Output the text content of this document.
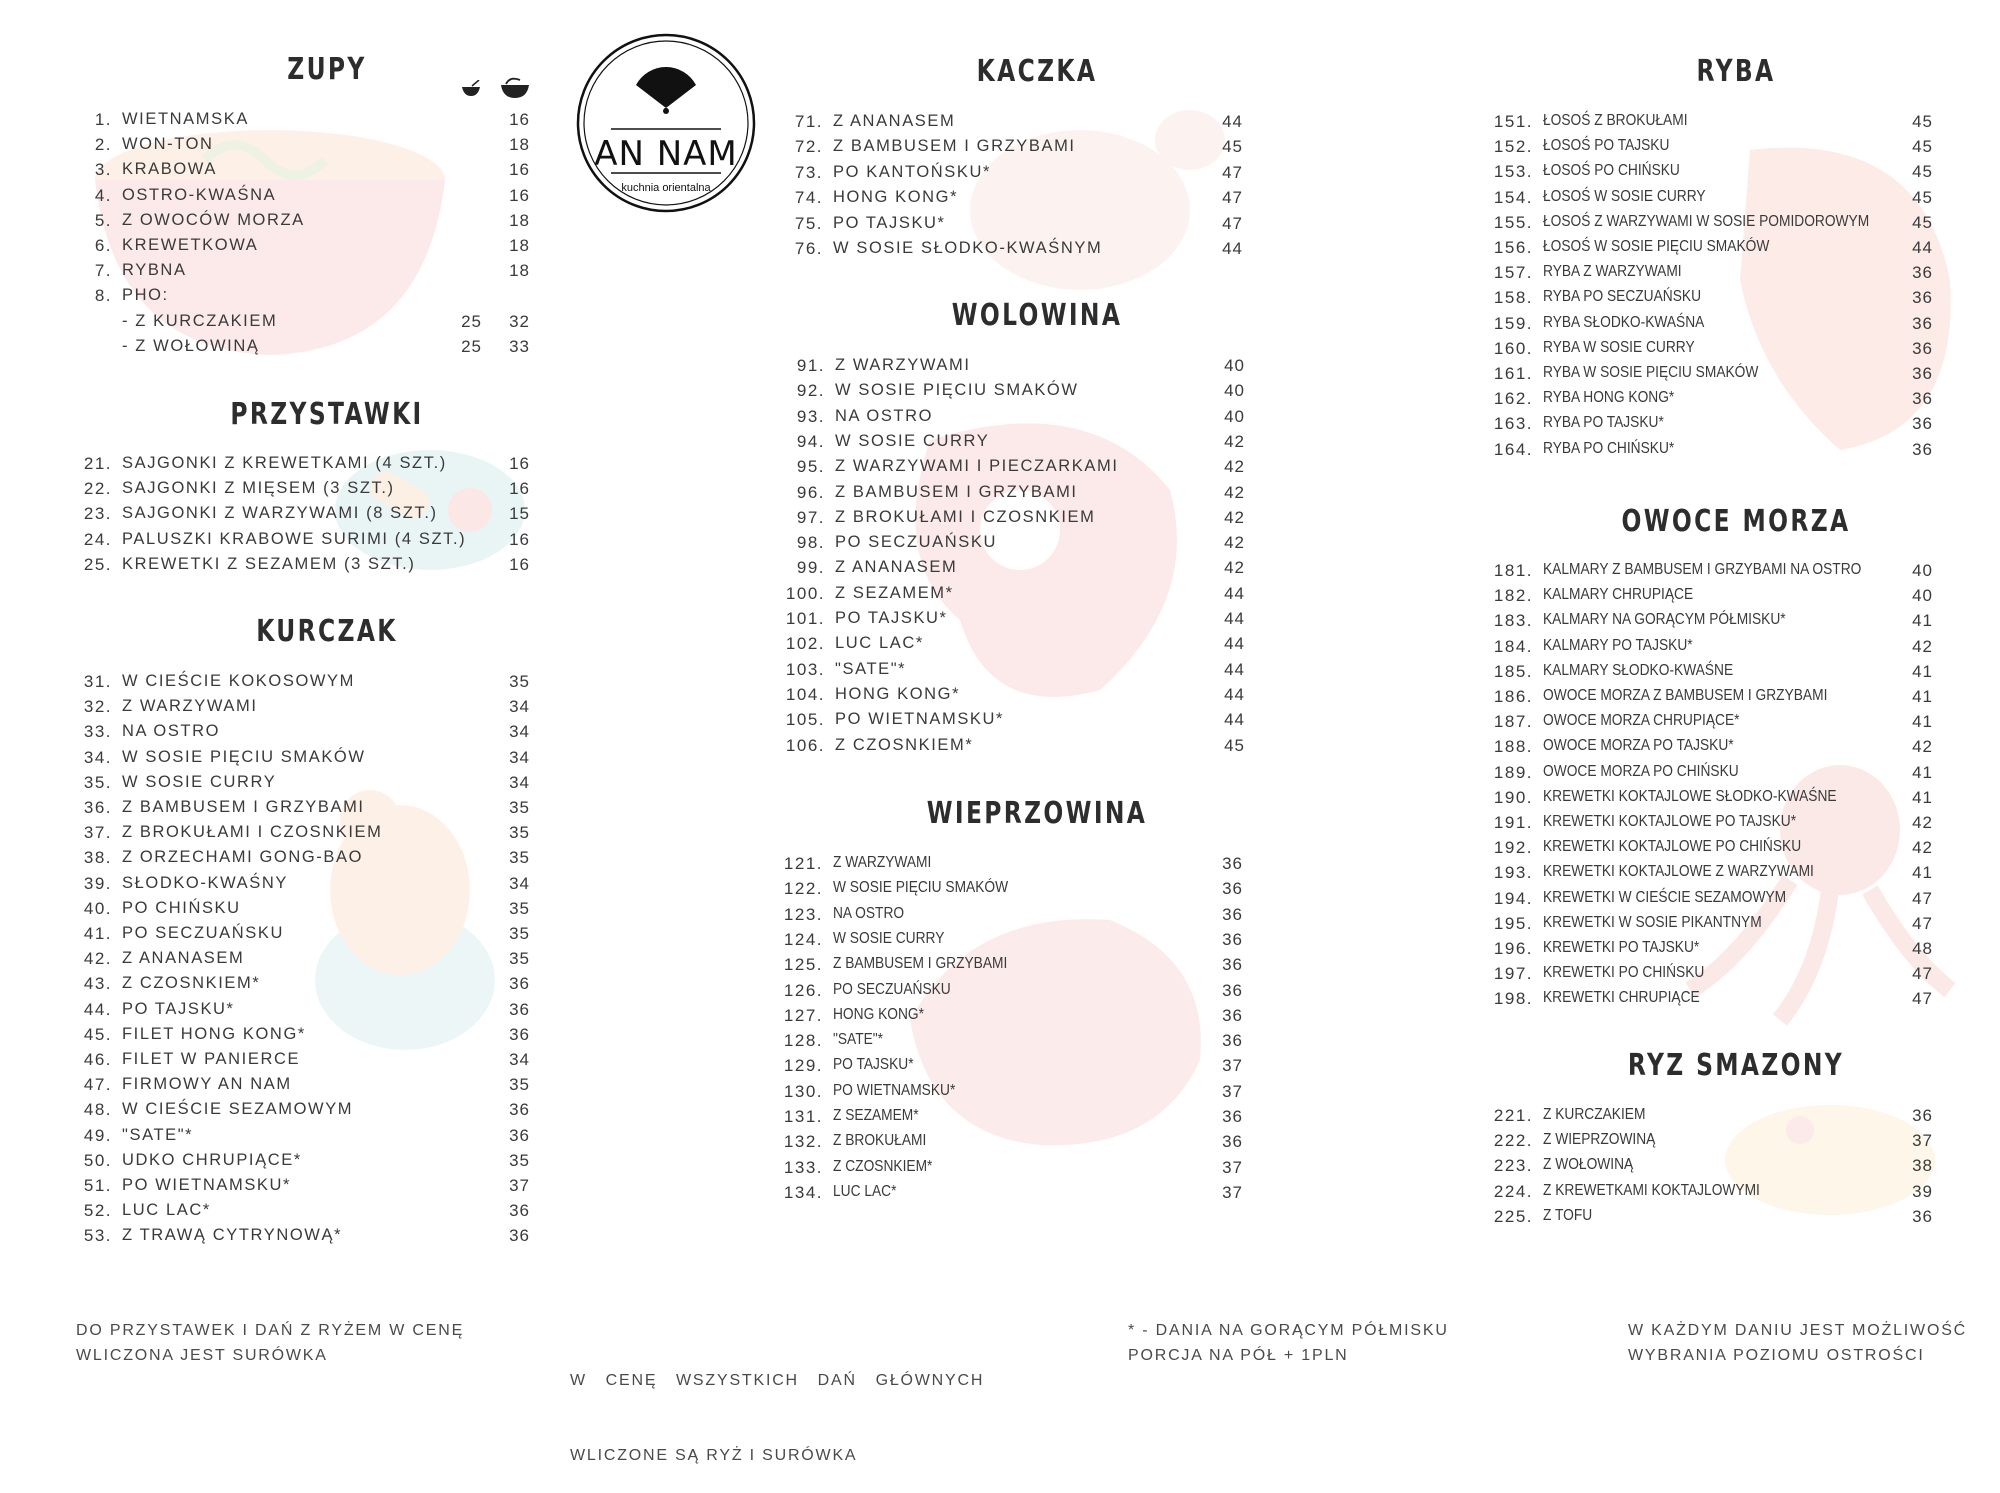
AN NAM
kuchnia orientalna
ZUPY
1. WIETNAMSKA	16
2. WON-TON	18
3. KRABOWA	16
4. OSTRO-KWAŚNA	16
5. Z OWOCÓW MORZA	18
6. KREWETKOWA	18
7. RYBNA	18
8. PHO:
- Z KURCZAKIEM	25	32
- Z WOŁOWINĄ	25	33
PRZYSTAWKI
21. SAJGONKI Z KREWETKAMI (4 SZT.)	16
22. SAJGONKI Z MIĘSEM (3 SZT.)	16
23. SAJGONKI Z WARZYWAMI (8 SZT.)	15
24. PALUSZKI KRABOWE SURIMI (4 SZT.)	16
25. KREWETKI Z SEZAMEM (3 SZT.)	16
KURCZAK
31. W CIEŚCIE KOKOSOWYM	35
32. Z WARZYWAMI	34
33. NA OSTRO	34
34. W SOSIE PIĘCIU SMAKÓW	34
35. W SOSIE CURRY	34
36. Z BAMBUSEM I GRZYBAMI	35
37. Z BROKUŁAMI I CZOSNKIEM	35
38. Z ORZECHAMI GONG-BAO	35
39. SŁODKO-KWAŚNY	34
40. PO CHIŃSKU	35
41. PO SECZUAŃSKU	35
42. Z ANANASEM	35
43. Z CZOSNKIEM*	36
44. PO TAJSKU*	36
45. FILET HONG KONG*	36
46. FILET W PANIERCE	34
47. FIRMOWY AN NAM	35
48. W CIEŚCIE SEZAMOWYM	36
49. "SATE"*	36
50. UDKO CHRUPIĄCE*	35
51. PO WIETNAMSKU*	37
52. LUC LAC*	36
53. Z TRAWĄ CYTRYNOWĄ*	36
KACZKA
71. Z ANANASEM	44
72. Z BAMBUSEM I GRZYBAMI	45
73. PO KANTOŃSKU*	47
74. HONG KONG*	47
75. PO TAJSKU*	47
76. W SOSIE SŁODKO-KWAŚNYM	44
WOLOWINA
91. Z WARZYWAMI	40
92. W SOSIE PIĘCIU SMAKÓW	40
93. NA OSTRO	40
94. W SOSIE CURRY	42
95. Z WARZYWAMI I PIECZARKAMI	42
96. Z BAMBUSEM I GRZYBAMI	42
97. Z BROKUŁAMI I CZOSNKIEM	42
98. PO SECZUAŃSKU	42
99. Z ANANASEM	42
100. Z SEZAMEM*	44
101. PO TAJSKU*	44
102. LUC LAC*	44
103. "SATE"*	44
104. HONG KONG*	44
105. PO WIETNAMSKU*	44
106. Z CZOSNKIEM*	45
WIEPRZOWINA
121. Z WARZYWAMI	36
122. W SOSIE PIĘCIU SMAKÓW	36
123. NA OSTRO	36
124. W SOSIE CURRY	36
125. Z BAMBUSEM I GRZYBAMI	36
126. PO SECZUAŃSKU	36
127. HONG KONG*	36
128. "SATE"*	36
129. PO TAJSKU*	37
130. PO WIETNAMSKU*	37
131. Z SEZAMEM*	36
132. Z BROKUŁAMI	36
133. Z CZOSNKIEM*	37
134. LUC LAC*	37
RYBA
151. ŁOSOŚ Z BROKUŁAMI	45
152. ŁOSOŚ PO TAJSKU	45
153. ŁOSOŚ PO CHIŃSKU	45
154. ŁOSOŚ W SOSIE CURRY	45
155. ŁOSOŚ Z WARZYWAMI W SOSIE POMIDOROWYM	45
156. ŁOSOŚ W SOSIE PIĘCIU SMAKÓW	44
157. RYBA Z WARZYWAMI	36
158. RYBA PO SECZUAŃSKU	36
159. RYBA SŁODKO-KWAŚNA	36
160. RYBA W SOSIE CURRY	36
161. RYBA W SOSIE PIĘCIU SMAKÓW	36
162. RYBA HONG KONG*	36
163. RYBA PO TAJSKU*	36
164. RYBA PO CHIŃSKU*	36
OWOCE MORZA
181. KALMARY Z BAMBUSEM I GRZYBAMI NA OSTRO	40
182. KALMARY CHRUPIĄCE	40
183. KALMARY NA GORĄCYM PÓŁMISKU*	41
184. KALMARY PO TAJSKU*	42
185. KALMARY SŁODKO-KWAŚNE	41
186. OWOCE MORZA Z BAMBUSEM I GRZYBAMI	41
187. OWOCE MORZA CHRUPIĄCE*	41
188. OWOCE MORZA PO TAJSKU*	42
189. OWOCE MORZA PO CHIŃSKU	41
190. KREWETKI KOKTAJLOWE SŁODKO-KWAŚNE	41
191. KREWETKI KOKTAJLOWE PO TAJSKU*	42
192. KREWETKI KOKTAJLOWE PO CHIŃSKU	42
193. KREWETKI KOKTAJLOWE Z WARZYWAMI	41
194. KREWETKI W CIEŚCIE SEZAMOWYM	47
195. KREWETKI W SOSIE PIKANTNYM	47
196. KREWETKI PO TAJSKU*	48
197. KREWETKI PO CHIŃSKU	47
198. KREWETKI CHRUPIĄCE	47
RYZ SMAZONY
221. Z KURCZAKIEM	36
222. Z WIEPRZOWINĄ	37
223. Z WOŁOWINĄ	38
224. Z KREWETKAMI KOKTAJLOWYMI	39
225. Z TOFU	36
DO PRZYSTAWEK I DAŃ Z RYŻEM W CENĘ
WLICZONA JEST SURÓWKA

W   CENĘ   WSZYSTKICH   DAŃ   GŁÓWNYCH

WLICZONE SĄ RYŻ I SURÓWKA

* - DANIA NA GORĄCYM PÓŁMISKU
PORCJA NA PÓŁ + 1PLN
W KAŻDYM DANIU JEST MOŻLIWOŚĆ
WYBRANIA POZIOMU OSTROŚCI
